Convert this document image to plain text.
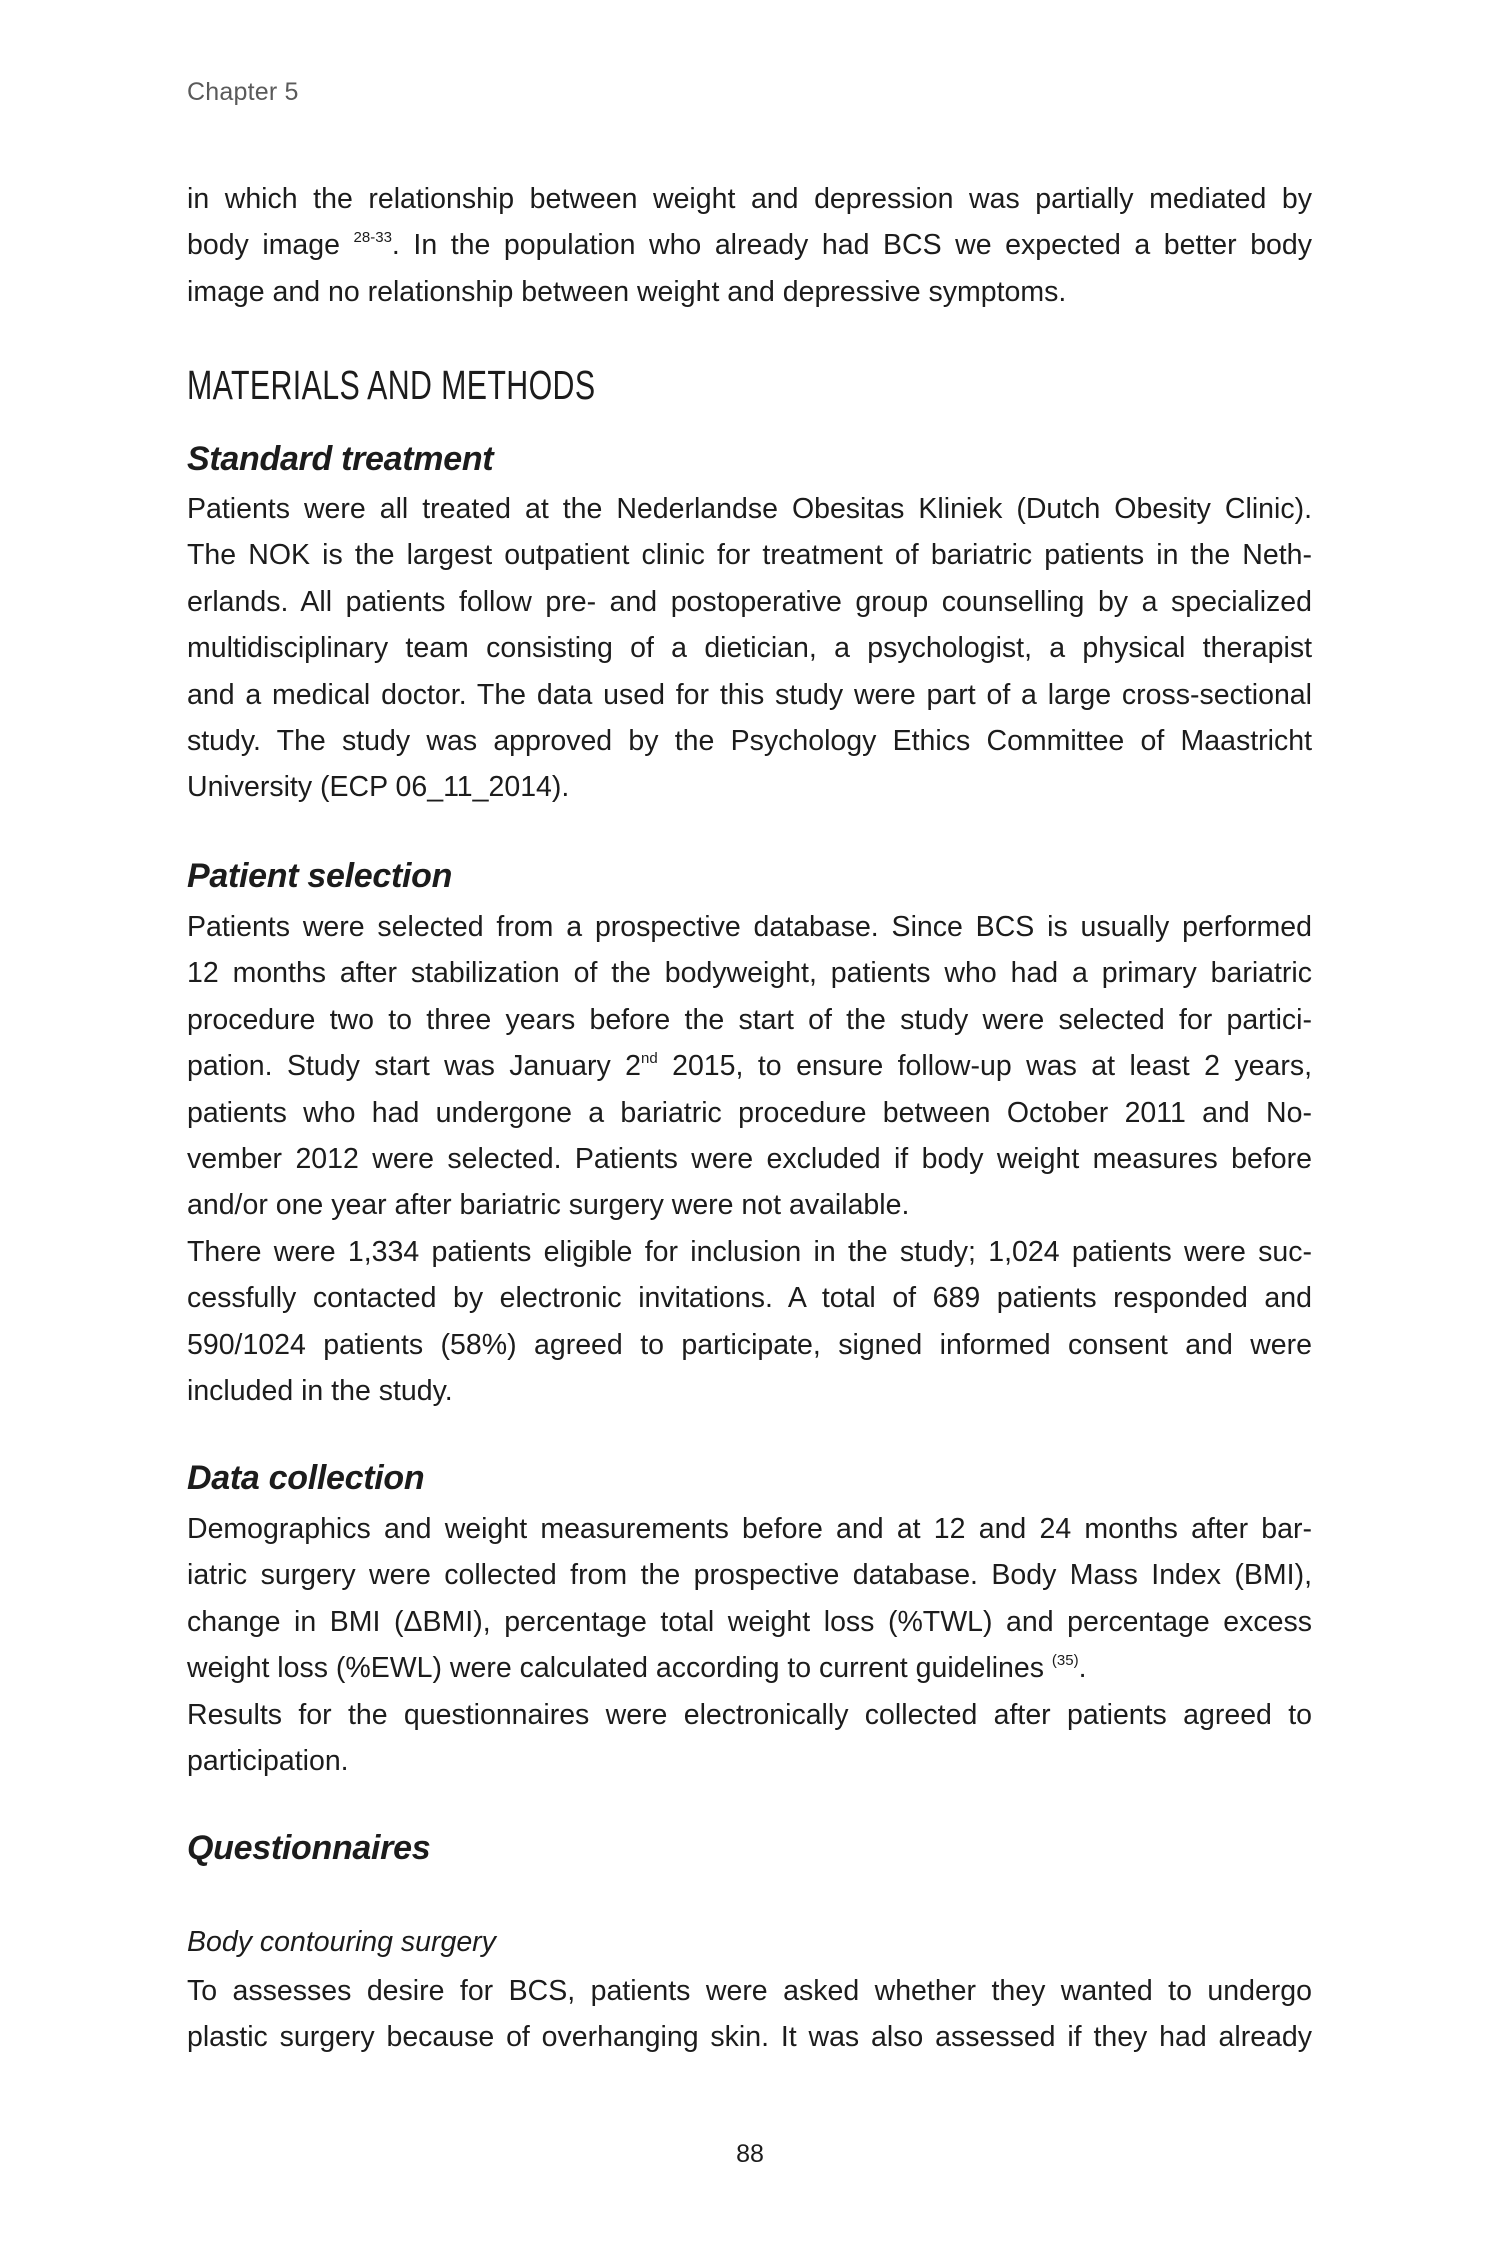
Chapter 5
in which the relationship between weight and depression was partially mediated by
body image $^{28-33}$. In the population who already had BCS we expected a better body
image and no relationship between weight and depressive symptoms.
MATERIALS AND METHODS
Standard treatment
Patients were all treated at the Nederlandse Obesitas Kliniek (Dutch Obesity Clinic).
The NOK is the largest outpatient clinic for treatment of bariatric patients in the Neth-
erlands. All patients follow pre- and postoperative group counselling by a specialized
multidisciplinary team consisting of a dietician, a psychologist, a physical therapist
and a medical doctor. The data used for this study were part of a large cross-sectional
study. The study was approved by the Psychology Ethics Committee of Maastricht
University (ECP 06_11_2014).
Patient selection
Patients were selected from a prospective database. Since BCS is usually performed
12 months after stabilization of the bodyweight, patients who had a primary bariatric
procedure two to three years before the start of the study were selected for partici-
pation. Study start was January 2nd 2015, to ensure follow-up was at least 2 years,
patients who had undergone a bariatric procedure between October 2011 and No-
vember 2012 were selected. Patients were excluded if body weight measures before
and/or one year after bariatric surgery were not available.
There were 1,334 patients eligible for inclusion in the study; 1,024 patients were suc-
cessfully contacted by electronic invitations. A total of 689 patients responded and
590/1024 patients (58%) agreed to participate, signed informed consent and were
included in the study.
Data collection
Demographics and weight measurements before and at 12 and 24 months after bar-
iatric surgery were collected from the prospective database. Body Mass Index (BMI),
change in BMI (ΔBMI), percentage total weight loss (%TWL) and percentage excess
weight loss (%EWL) were calculated according to current guidelines $^{(35)}$.
Results for the questionnaires were electronically collected after patients agreed to
participation.
Questionnaires
Body contouring surgery
To assesses desire for BCS, patients were asked whether they wanted to undergo
plastic surgery because of overhanging skin. It was also assessed if they had already
88
